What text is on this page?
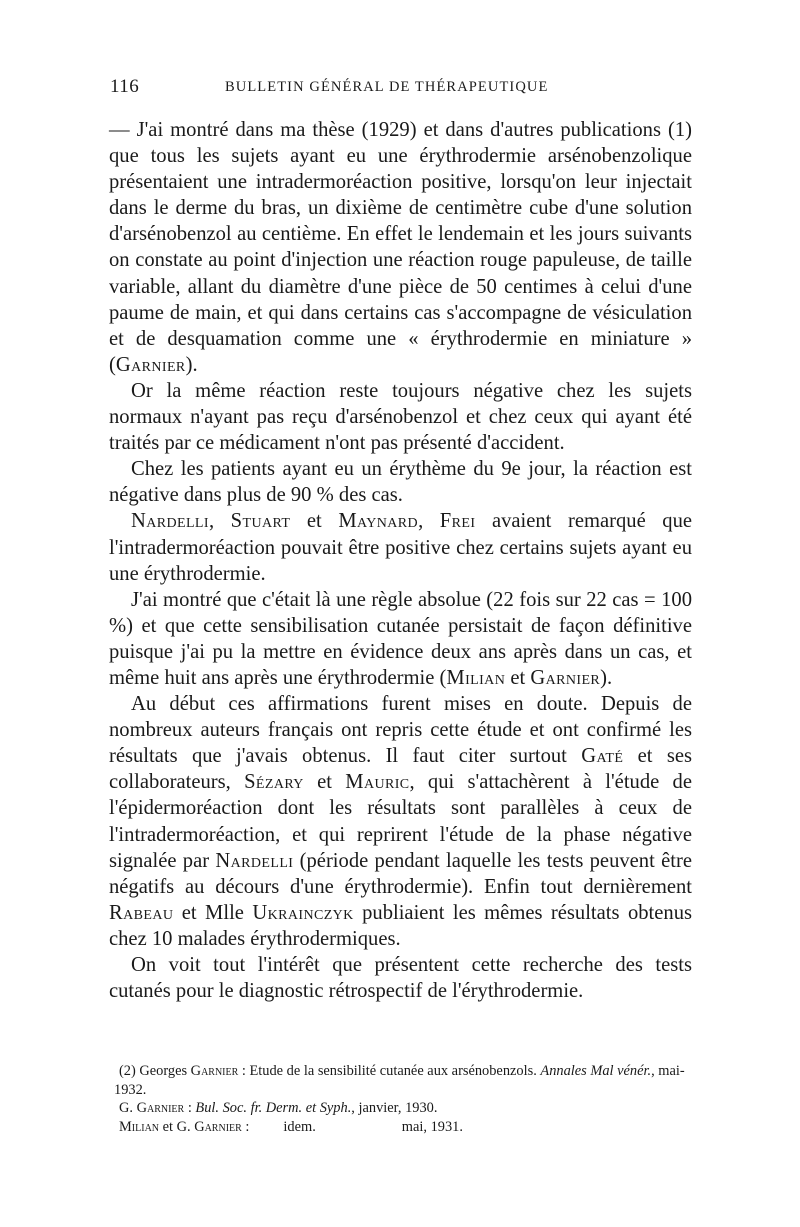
116	BULLETIN GÉNÉRAL DE THÉRAPEUTIQUE

— J'ai montré dans ma thèse (1929) et dans d'autres publications (1) que tous les sujets ayant eu une érythrodermie arsénobenzolique présentaient une intradermoréaction positive, lorsqu'on leur injectait dans le derme du bras, un dixième de centimètre cube d'une solution d'arsénobenzol au centième. En effet le lendemain et les jours suivants on constate au point d'injection une réaction rouge papuleuse, de taille variable, allant du diamètre d'une pièce de 50 centimes à celui d'une paume de main, et qui dans certains cas s'accompagne de vésiculation et de desquamation comme une « érythrodermie en miniature » (Garnier).

Or la même réaction reste toujours négative chez les sujets normaux n'ayant pas reçu d'arsénobenzol et chez ceux qui ayant été traités par ce médicament n'ont pas présenté d'accident.

Chez les patients ayant eu un érythème du 9e jour, la réaction est négative dans plus de 90 % des cas.

Nardelli, Stuart et Maynard, Frei avaient remarqué que l'intradermoréaction pouvait être positive chez certains sujets ayant eu une érythrodermie.

J'ai montré que c'était là une règle absolue (22 fois sur 22 cas = 100 %) et que cette sensibilisation cutanée persistait de façon définitive puisque j'ai pu la mettre en évidence deux ans après dans un cas, et même huit ans après une érythrodermie (Milian et Garnier).

Au début ces affirmations furent mises en doute. Depuis de nombreux auteurs français ont repris cette étude et ont confirmé les résultats que j'avais obtenus. Il faut citer surtout Gaté et ses collaborateurs, Sézary et Mauric, qui s'attachèrent à l'étude de l'épidermoréaction dont les résultats sont parallèles à ceux de l'intradermoréaction, et qui reprirent l'étude de la phase négative signalée par Nardelli (période pendant laquelle les tests peuvent être négatifs au décours d'une érythrodermie). Enfin tout dernièrement Rabeau et Mlle Ukrainczyk publiaient les mêmes résultats obtenus chez 10 malades érythrodermiques.

On voit tout l'intérêt que présentent cette recherche des tests cutanés pour le diagnostic rétrospectif de l'érythrodermie.

(2) Georges Garnier : Etude de la sensibilité cutanée aux arsénobenzols. Annales Mal vénér., mai-1932.

G. Garnier : Bul. Soc. fr. Derm. et Syph., janvier, 1930.

Milian et G. Garnier : idem.	mai, 1931.
